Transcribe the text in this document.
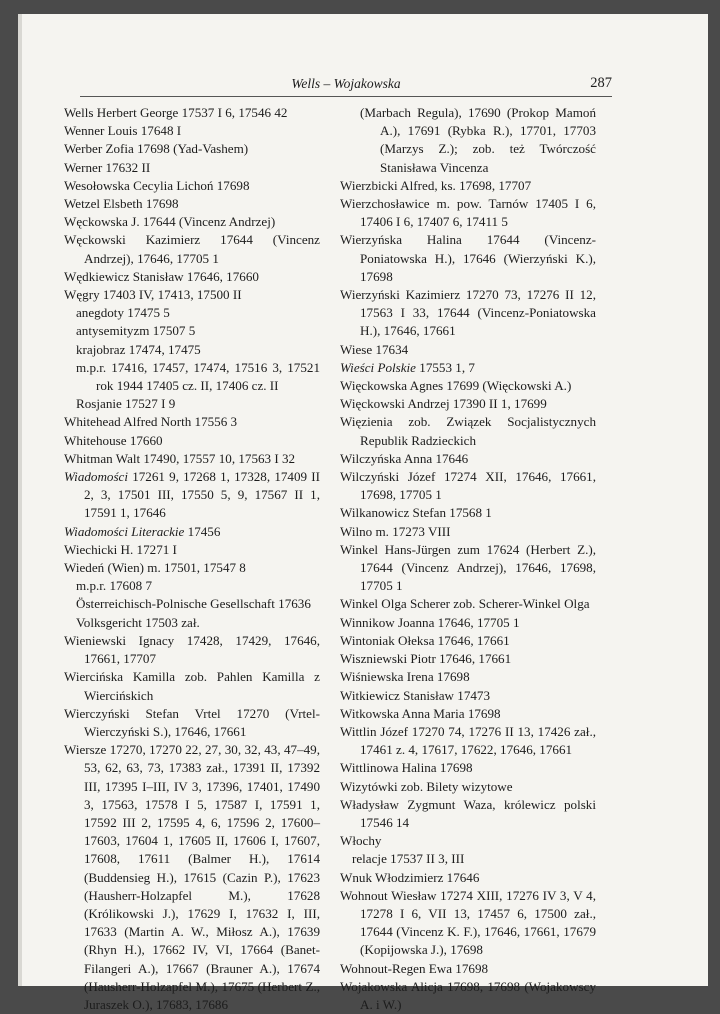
Wells – Wojakowska	287
Wells Herbert George 17537 I 6, 17546 42
Wenner Louis 17648 I
Werber Zofia 17698 (Yad-Vashem)
Werner 17632 II
Wesołowska Cecylia Lichoń 17698
Wetzel Elsbeth 17698
Węckowska J. 17644 (Vincenz Andrzej)
Węckowski Kazimierz 17644 (Vincenz Andrzej), 17646, 17705 1
Wędkiewicz Stanisław 17646, 17660
Węgry 17403 IV, 17413, 17500 II
anegdoty 17475 5
antysemityzm 17507 5
krajobraz 17474, 17475
m.p.r. 17416, 17457, 17474, 17516 3, 17521 rok 1944 17405 cz. II, 17406 cz. II
Rosjanie 17527 I 9
Whitehead Alfred North 17556 3
Whitehouse 17660
Whitman Walt 17490, 17557 10, 17563 I 32
Wiadomości 17261 9, 17268 1, 17328, 17409 II 2, 3, 17501 III, 17550 5, 9, 17567 II 1, 17591 1, 17646
Wiadomości Literackie 17456
Wiechicki H. 17271 I
Wiedeń (Wien) m. 17501, 17547 8
m.p.r. 17608 7
Österreichisch-Polnische Gesellschaft 17636
Volksgericht 17503 zał.
Wieniewski Ignacy 17428, 17429, 17646, 17661, 17707
Wiercińska Kamilla zob. Pahlen Kamilla z Wiercińskich
Wierczyński Stefan Vrtel 17270 (Vrtel-Wierczyński S.), 17646, 17661
Wiersze 17270, 17270 22, 27, 30, 32, 43, 47–49, 53, 62, 63, 73, 17383 zał., 17391 II, 17392 III, 17395 I–III, IV 3, 17396, 17401, 17490 3, 17563, 17578 I 5, 17587 I, 17591 1, 17592 III 2, 17595 4, 6, 17596 2, 17600–17603, 17604 1, 17605 II, 17606 I, 17607, 17608, 17611 (Balmer H.), 17614 (Buddensieg H.), 17615 (Cazin P.), 17623 (Hausherr-Holzapfel M.), 17628 (Królikowski J.), 17629 I, 17632 I, III, 17633 (Martin A. W., Miłosz A.), 17639 (Rhyn H.), 17662 IV, VI, 17664 (Banet-Filangeri A.), 17667 (Brauner A.), 17674 (Hausherr-Holzapfel M.), 17675 (Herbert Z., Juraszek O.), 17683, 17686
(Marbach Regula), 17690 (Prokop Mamoń A.), 17691 (Rybka R.), 17701, 17703 (Marzys Z.); zob. też Twórczość Stanisława Vincenza
Wierzbicki Alfred, ks. 17698, 17707
Wierzchosławice m. pow. Tarnów 17405 I 6, 17406 I 6, 17407 6, 17411 5
Wierzyńska Halina 17644 (Vincenz-Poniatowska H.), 17646 (Wierzyński K.), 17698
Wierzyński Kazimierz 17270 73, 17276 II 12, 17563 I 33, 17644 (Vincenz-Poniatowska H.), 17646, 17661
Wiese 17634
Wieści Polskie 17553 1, 7
Więckowska Agnes 17699 (Więckowski A.)
Więckowski Andrzej 17390 II 1, 17699
Więzienia zob. Związek Socjalistycznych Republik Radzieckich
Wilczyńska Anna 17646
Wilczyński Józef 17274 XII, 17646, 17661, 17698, 17705 1
Wilkanowicz Stefan 17568 1
Wilno m. 17273 VIII
Winkel Hans-Jürgen zum 17624 (Herbert Z.), 17644 (Vincenz Andrzej), 17646, 17698, 17705 1
Winkel Olga Scherer zob. Scherer-Winkel Olga
Winnikow Joanna 17646, 17705 1
Wintoniak Ołeksa 17646, 17661
Wiszniewski Piotr 17646, 17661
Wiśniewska Irena 17698
Witkiewicz Stanisław 17473
Witkowska Anna Maria 17698
Wittlin Józef 17270 74, 17276 II 13, 17426 zał., 17461 z. 4, 17617, 17622, 17646, 17661
Wittlinowa Halina 17698
Wizytówki zob. Bilety wizytowe
Władysław Zygmunt Waza, królewicz polski 17546 14
Włochy
relacje 17537 II 3, III
Wnuk Włodzimierz 17646
Wohnout Wiesław 17274 XIII, 17276 IV 3, V 4, 17278 I 6, VII 13, 17457 6, 17500 zał., 17644 (Vincenz K. F.), 17646, 17661, 17679 (Kopijowska J.), 17698
Wohnout-Regen Ewa 17698
Wojakowska Alicja 17698, 17698 (Wojakowscy A. i W.)
